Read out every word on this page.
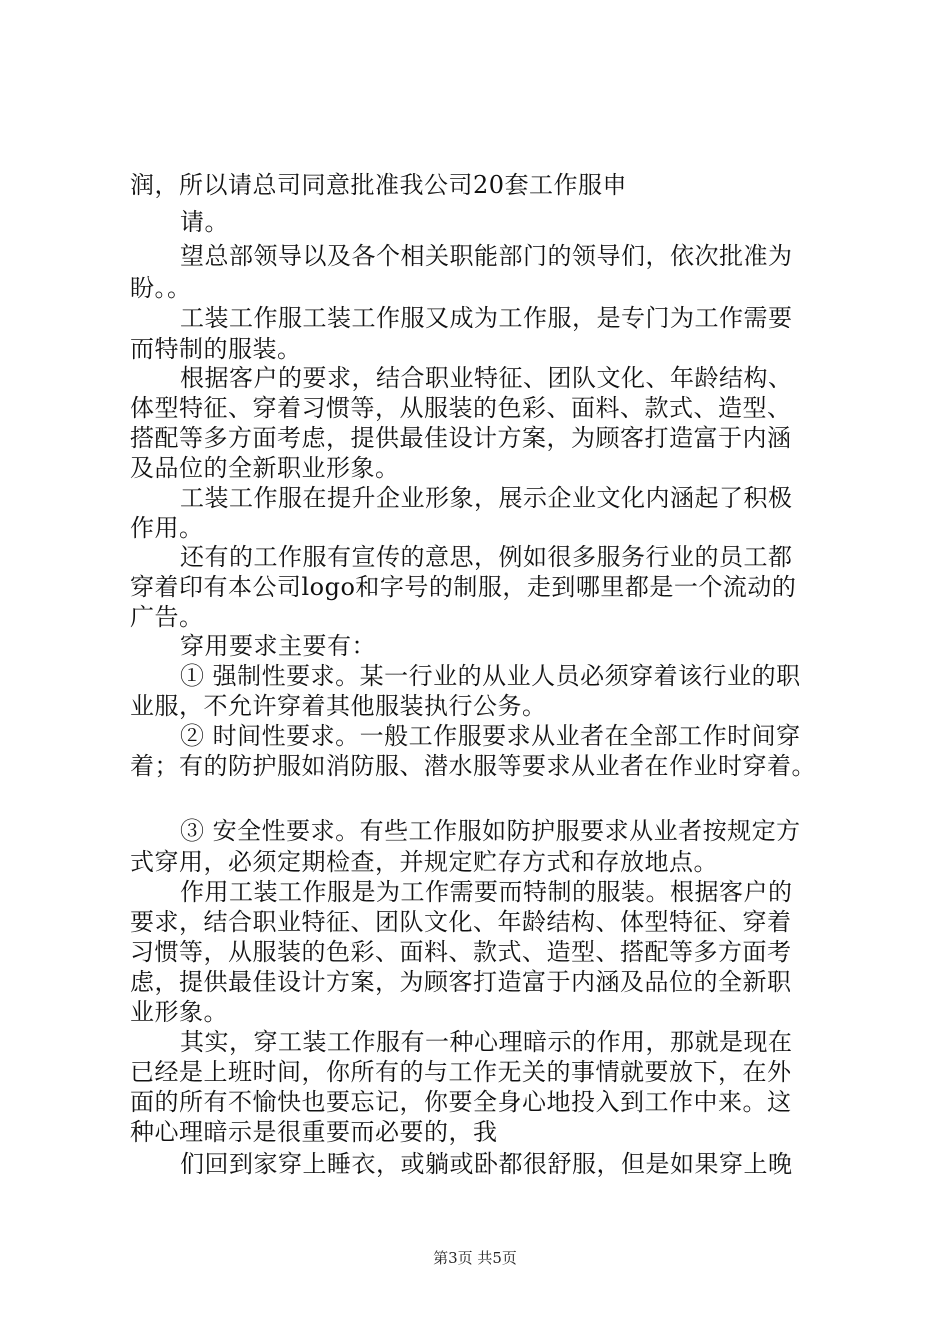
润，所以请总司同意批准我公司20套工作服申
请。
望总部领导以及各个相关职能部门的领导们，依次批准为
盼。。
工装工作服工装工作服又成为工作服，是专门为工作需要
而特制的服装。
根据客户的要求，结合职业特征、团队文化、年龄结构、
体型特征、穿着习惯等，从服装的色彩、面料、款式、造型、
搭配等多方面考虑，提供最佳设计方案，为顾客打造富于内涵
及品位的全新职业形象。
工装工作服在提升企业形象，展示企业文化内涵起了积极
作用。
还有的工作服有宣传的意思，例如很多服务行业的员工都
穿着印有本公司logo和字号的制服，走到哪里都是一个流动的
广告。
穿用要求主要有：
① 强制性要求。某一行业的从业人员必须穿着该行业的职
业服，不允许穿着其他服装执行公务。
② 时间性要求。一般工作服要求从业者在全部工作时间穿
着；有的防护服如消防服、潜水服等要求从业者在作业时穿着。
③ 安全性要求。有些工作服如防护服要求从业者按规定方
式穿用，必须定期检查，并规定贮存方式和存放地点。
作用工装工作服是为工作需要而特制的服装。根据客户的
要求，结合职业特征、团队文化、年龄结构、体型特征、穿着
习惯等，从服装的色彩、面料、款式、造型、搭配等多方面考
虑，提供最佳设计方案，为顾客打造富于内涵及品位的全新职
业形象。
其实，穿工装工作服有一种心理暗示的作用，那就是现在
已经是上班时间，你所有的与工作无关的事情就要放下，在外
面的所有不愉快也要忘记，你要全身心地投入到工作中来。这
种心理暗示是很重要而必要的，我
们回到家穿上睡衣，或躺或卧都很舒服，但是如果穿上晚
第3页 共5页
